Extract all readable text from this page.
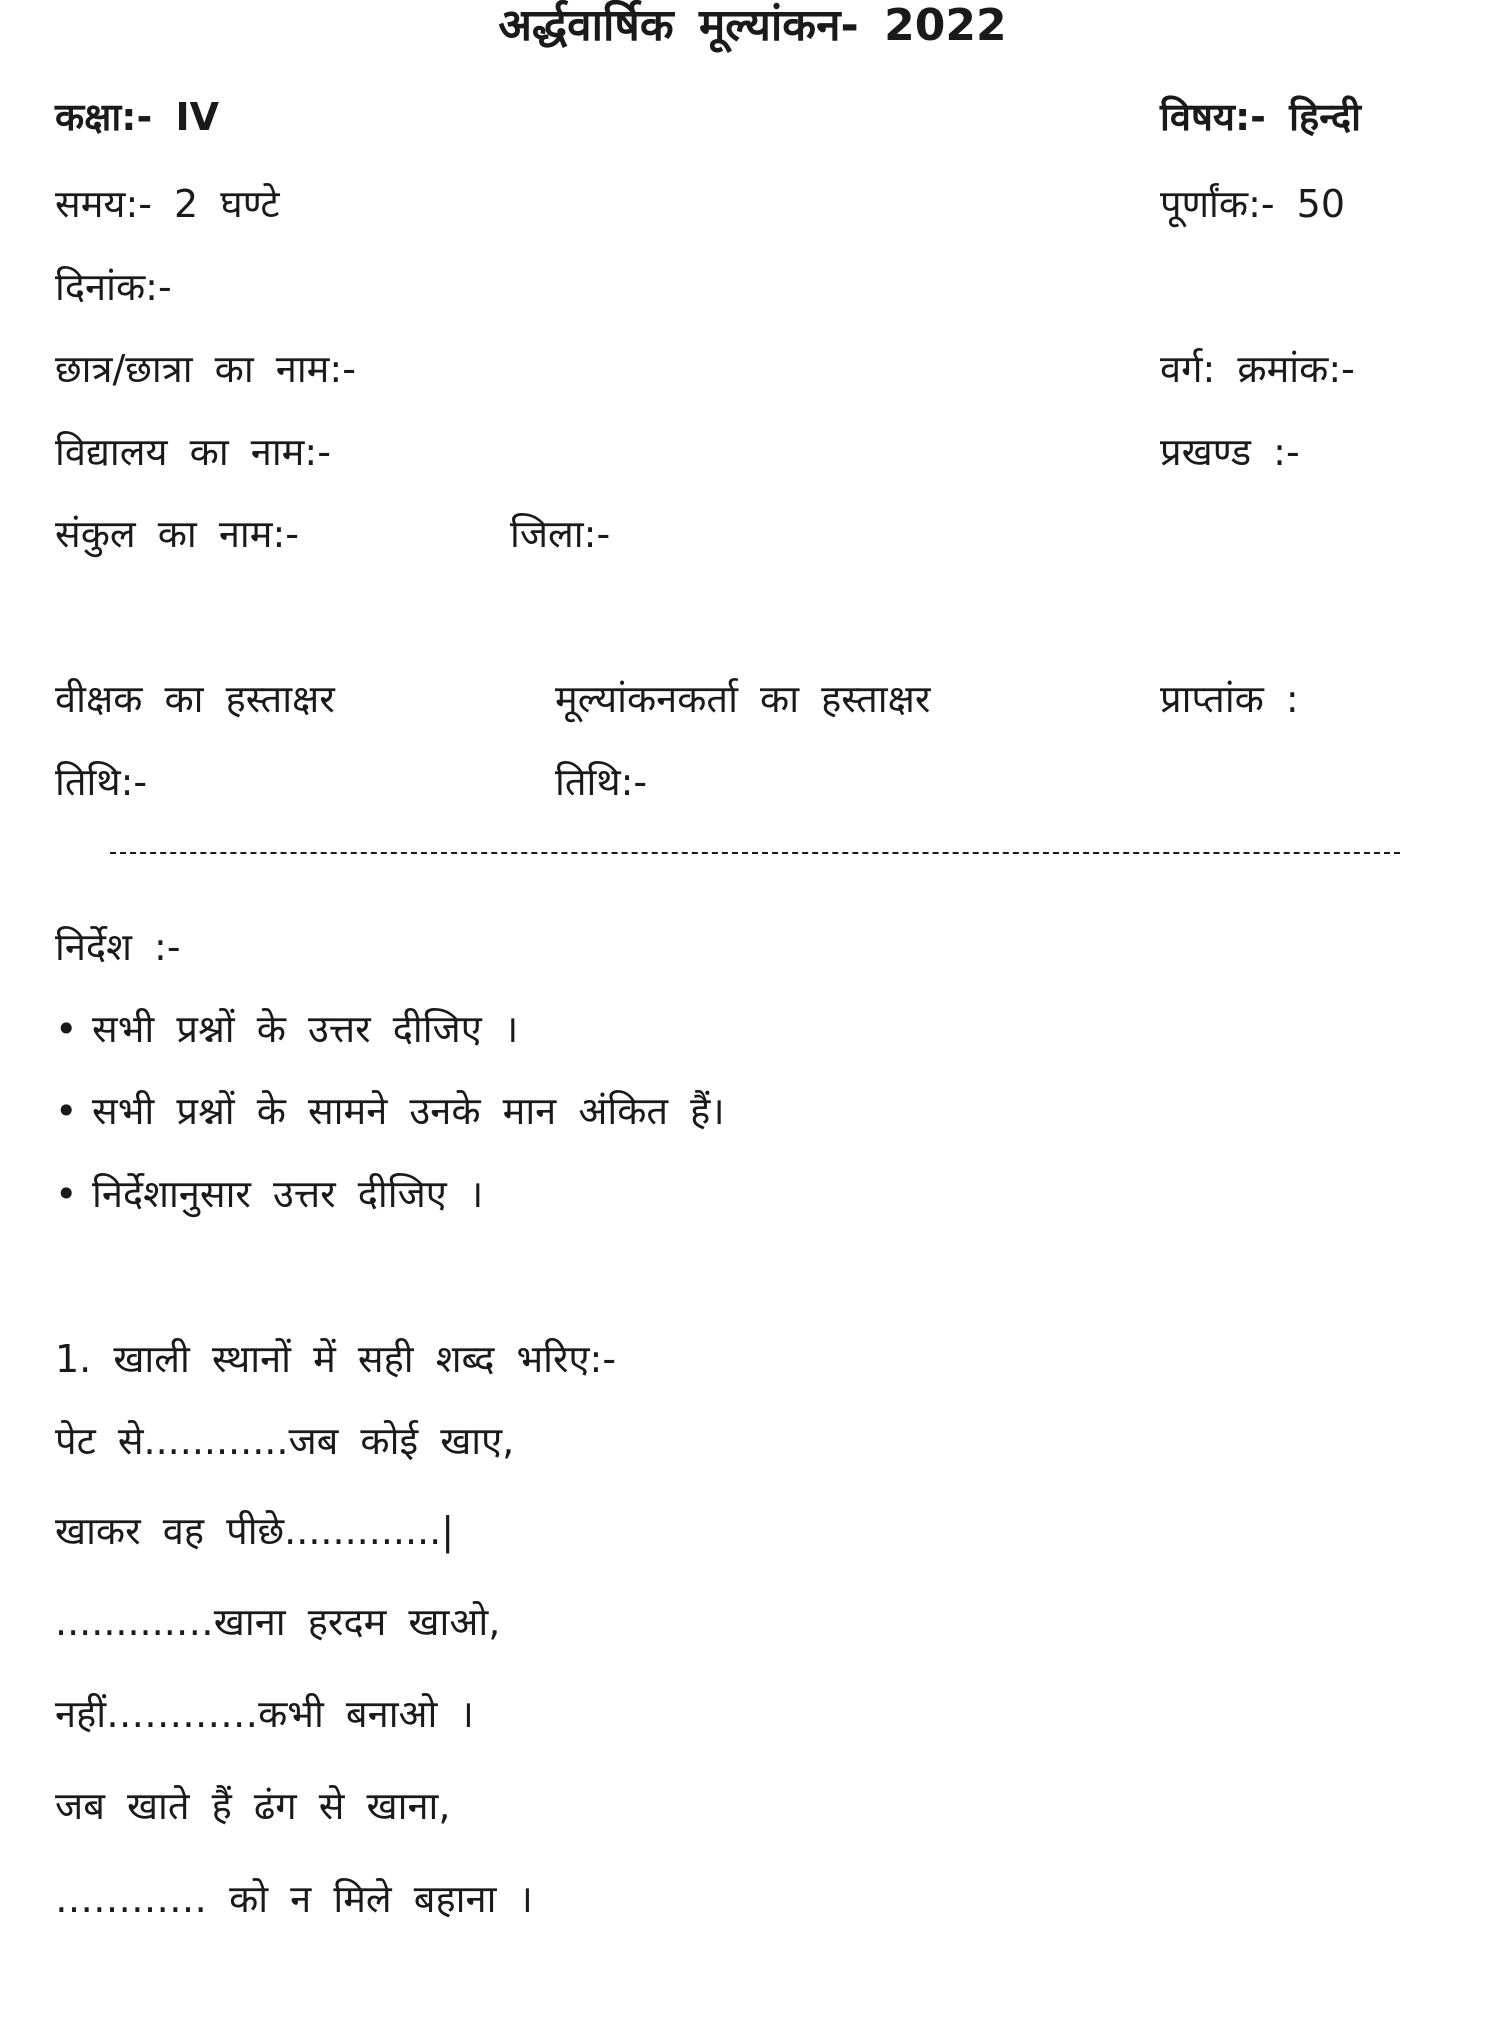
अर्द्धवार्षिक मूल्यांकन- 2022
कक्षा:- IV	विषय:- हिन्दी
समय:- 2 घण्टे	पूर्णांक:- 50
दिनांक:-
छात्र/छात्रा का नाम:-	वर्ग: क्रमांक:-
विद्यालय का नाम:-	प्रखण्ड :-
संकुल का नाम:-	जिला:-
वीक्षक का हस्ताक्षर	मूल्यांकनकर्ता का हस्ताक्षर	प्राप्तांक :
तिथि:-	तिथि:-
निर्देश :-
• सभी प्रश्नों के उत्तर दीजिए ।
• सभी प्रश्नों के सामने उनके मान अंकित हैं।
• निर्देशानुसार उत्तर दीजिए ।
1. खाली स्थानों में सही शब्द भरिए:-
पेट से............जब कोई खाए,
खाकर वह पीछे.............|
..........…खाना हरदम खाओ,
नहीं…………कभी बनाओ ।
जब खाते हैं ढंग से खाना,
………… को न मिले बहाना ।
